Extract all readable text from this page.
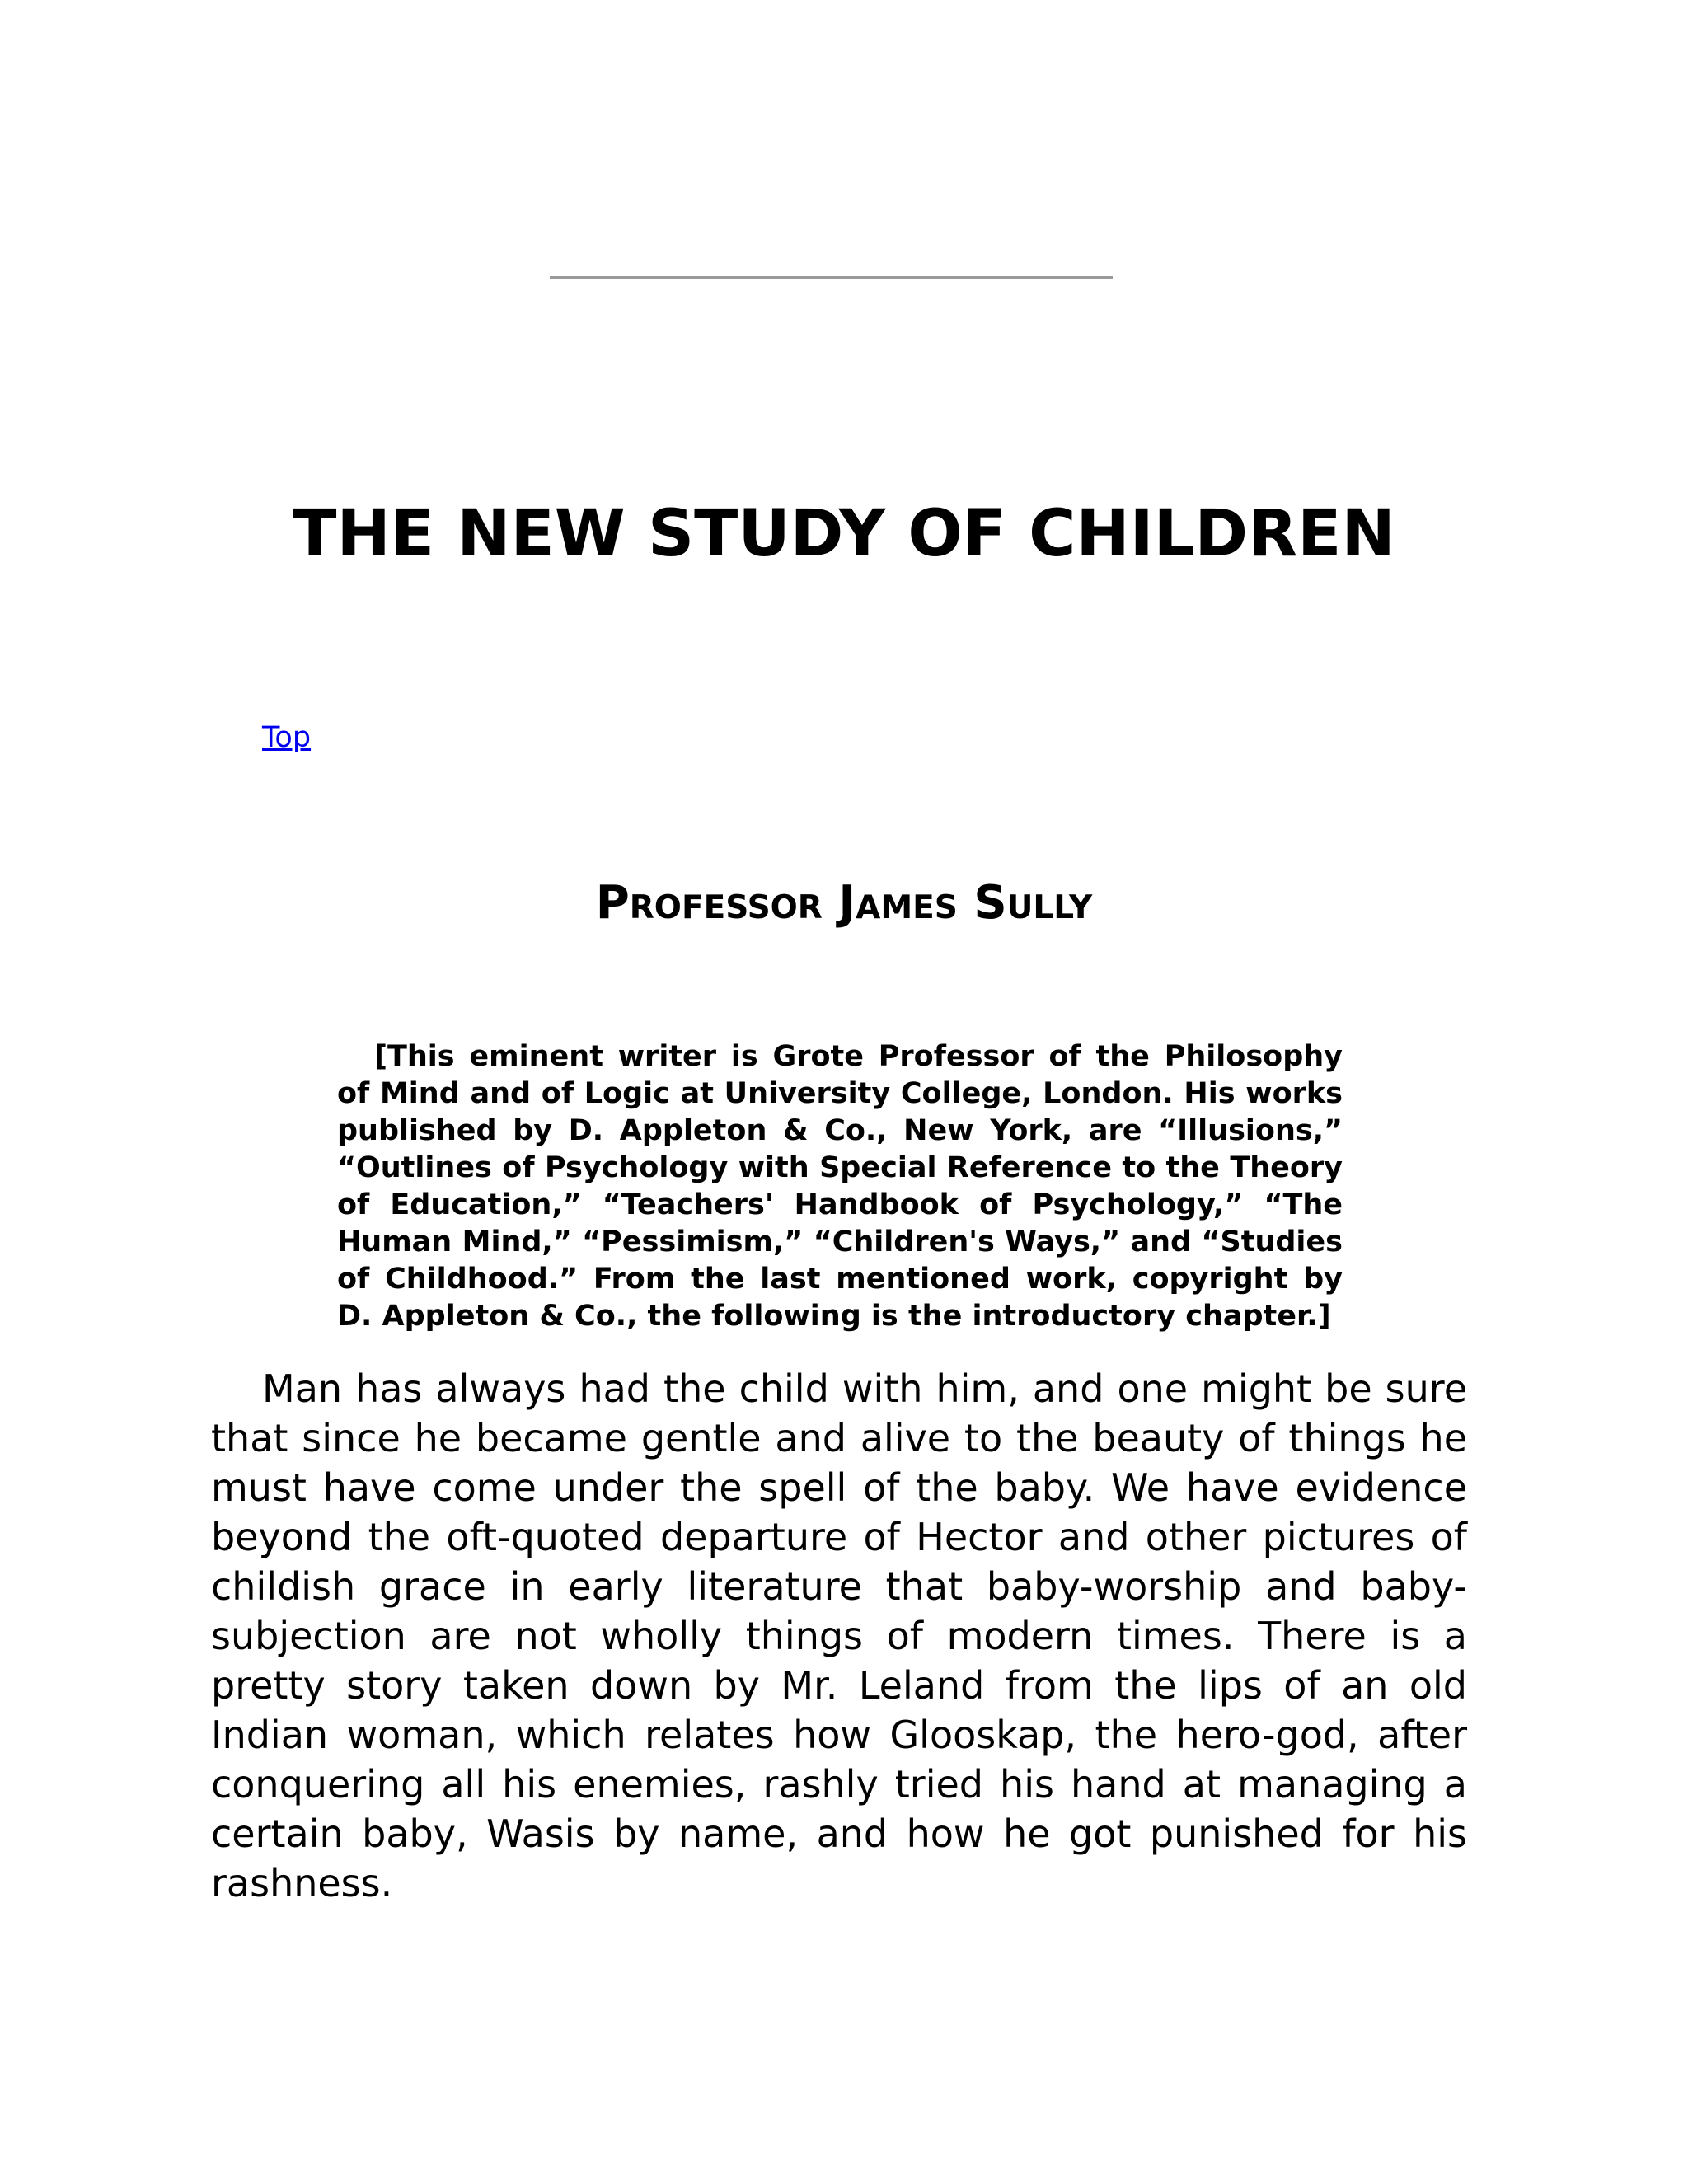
THE NEW STUDY OF CHILDREN
Top
Professor James Sully

[This eminent writer is Grote Professor of the Philosophy of Mind and of Logic at University College, London. His works published by D. Appleton & Co., New York, are “Illusions,” “Outlines of Psychology with Special Reference to the Theory of Education,” “Teachers' Handbook of Psychology,” “The Human Mind,” “Pessimism,” “Children's Ways,” and “Studies of Childhood.” From the last mentioned work, copyright by D. Appleton & Co., the following is the introductory chapter.]

Man has always had the child with him, and one might be sure that since he became gentle and alive to the beauty of things he must have come under the spell of the baby. We have evidence beyond the oft-quoted departure of Hector and other pictures of childish grace in early literature that baby-worship and baby-subjection are not wholly things of modern times. There is a pretty story taken down by Mr. Leland from the lips of an old Indian woman, which relates how Glooskap, the hero-god, after conquering all his enemies, rashly tried his hand at managing a certain baby, Wasis by name, and how he got punished for his rashness.
